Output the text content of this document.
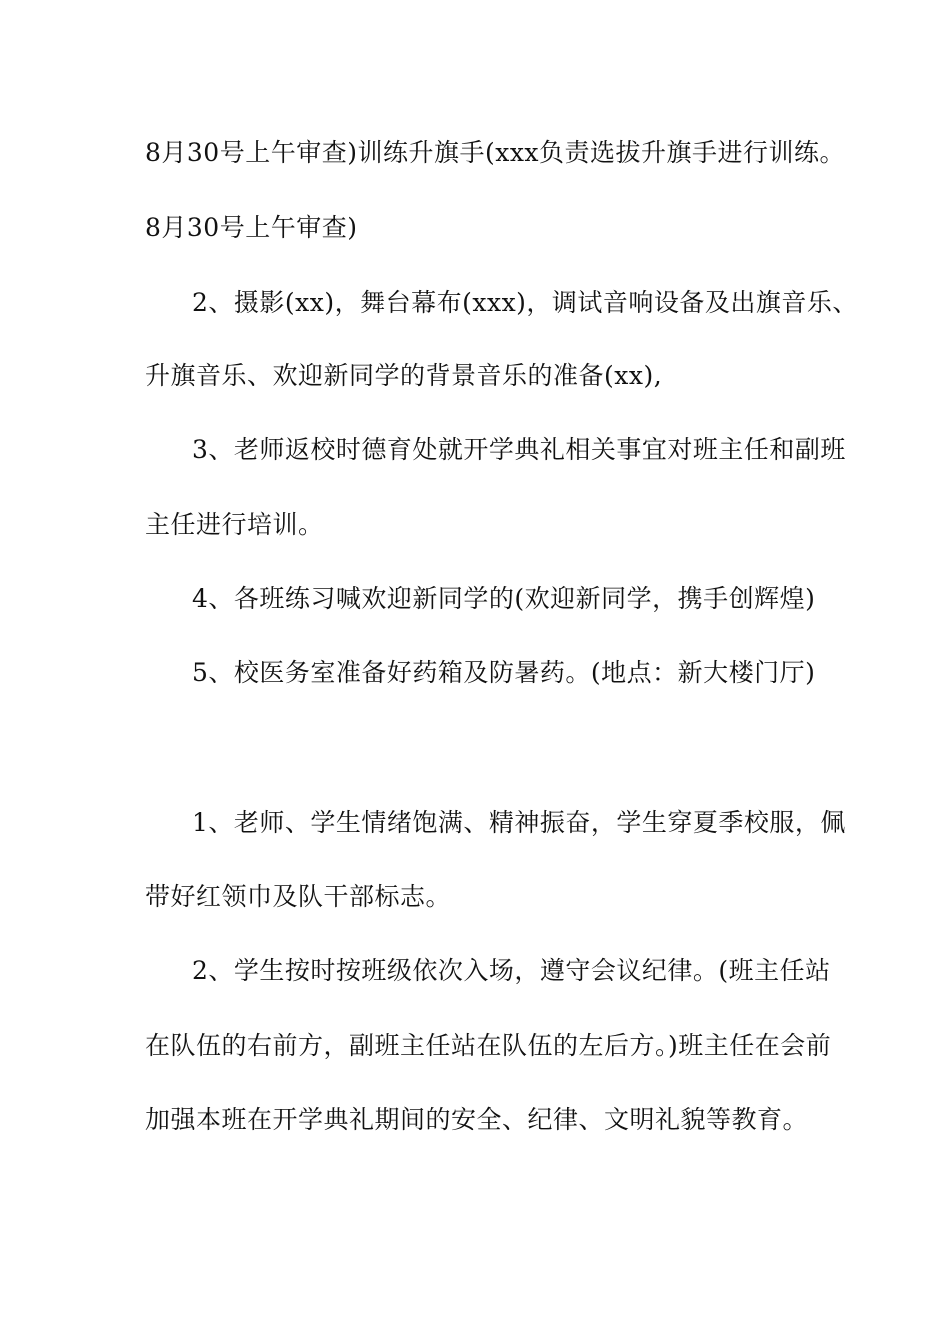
8月30号上午审查)训练升旗手(xxx负责选拔升旗手进行训练。
8月30号上午审查)
2、摄影(xx)，舞台幕布(xxx)，调试音响设备及出旗音乐、
升旗音乐、欢迎新同学的背景音乐的准备(xx),
3、老师返校时德育处就开学典礼相关事宜对班主任和副班
主任进行培训。
4、各班练习喊欢迎新同学的(欢迎新同学，携手创辉煌)
5、校医务室准备好药箱及防暑药。(地点：新大楼门厅)
1、老师、学生情绪饱满、精神振奋，学生穿夏季校服，佩
带好红领巾及队干部标志。
2、学生按时按班级依次入场，遵守会议纪律。(班主任站
在队伍的右前方，副班主任站在队伍的左后方。)班主任在会前
加强本班在开学典礼期间的安全、纪律、文明礼貌等教育。
